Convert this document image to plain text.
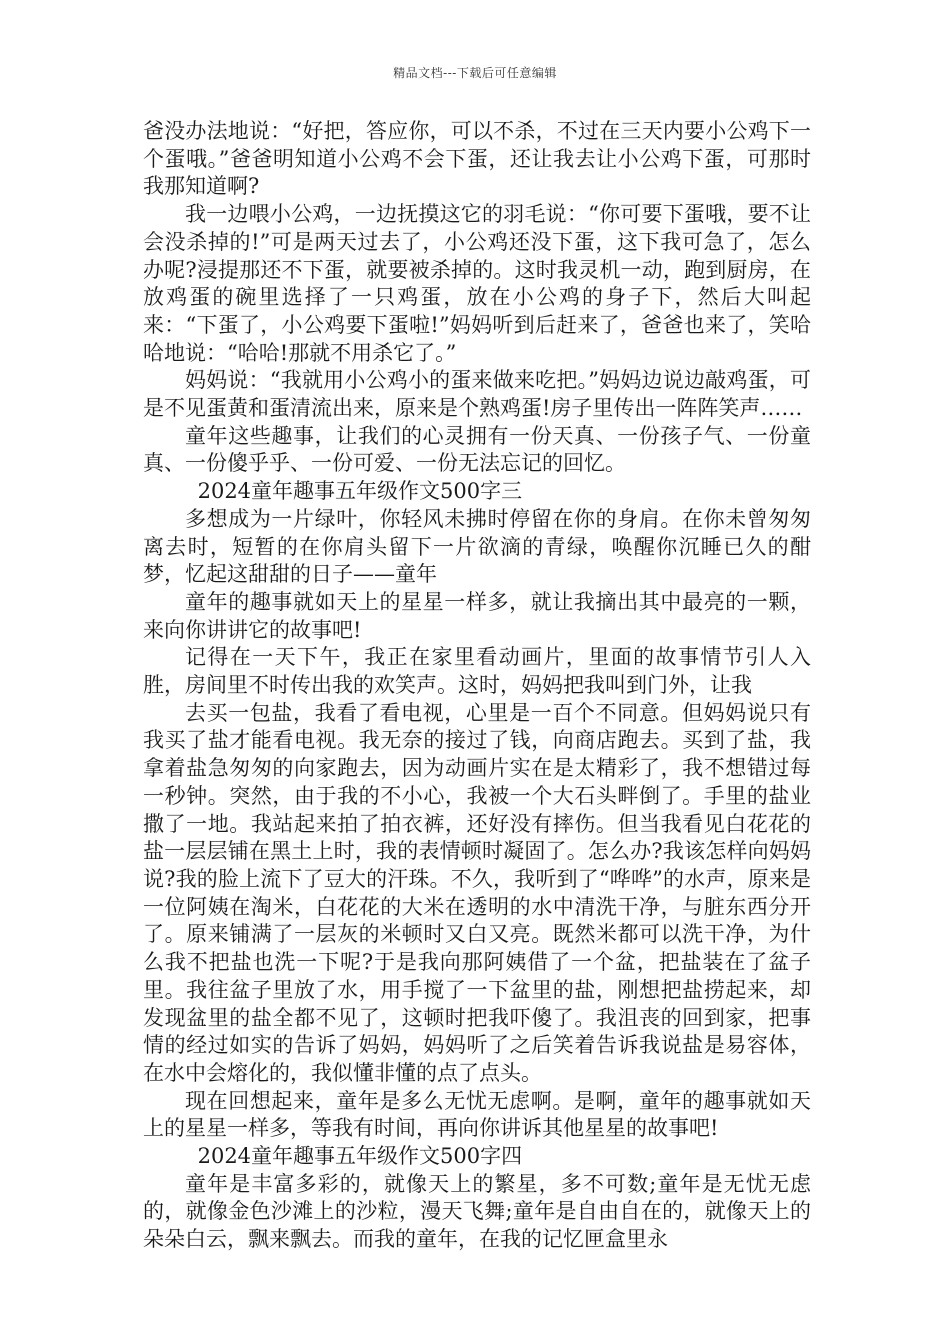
精品文档---下载后可任意编辑

爸没办法地说：“好把，答应你，可以不杀，不过在三天内要小公鸡下一个蛋哦。”爸爸明知道小公鸡不会下蛋，还让我去让小公鸡下蛋，可那时我那知道啊?

我一边喂小公鸡，一边抚摸这它的羽毛说：“你可要下蛋哦，要不让会没杀掉的!”可是两天过去了，小公鸡还没下蛋，这下我可急了，怎么办呢?浸提那还不下蛋，就要被杀掉的。这时我灵机一动，跑到厨房，在放鸡蛋的碗里选择了一只鸡蛋，放在小公鸡的身子下，然后大叫起来：“下蛋了，小公鸡要下蛋啦!”妈妈听到后赶来了，爸爸也来了，笑哈哈地说：“哈哈!那就不用杀它了。”

妈妈说：“我就用小公鸡小的蛋来做来吃把。”妈妈边说边敲鸡蛋，可是不见蛋黄和蛋清流出来，原来是个熟鸡蛋!房子里传出一阵阵笑声……

童年这些趣事，让我们的心灵拥有一份天真、一份孩子气、一份童真、一份傻乎乎、一份可爱、一份无法忘记的回忆。

2024童年趣事五年级作文500字三

多想成为一片绿叶，你轻风未拂时停留在你的身肩。在你未曾匆匆离去时，短暂的在你肩头留下一片欲滴的青绿，唤醒你沉睡已久的酣梦，忆起这甜甜的日子——童年

童年的趣事就如天上的星星一样多，就让我摘出其中最亮的一颗，来向你讲讲它的故事吧!

记得在一天下午，我正在家里看动画片，里面的故事情节引人入胜，房间里不时传出我的欢笑声。这时，妈妈把我叫到门外，让我

去买一包盐，我看了看电视，心里是一百个不同意。但妈妈说只有我买了盐才能看电视。我无奈的接过了钱，向商店跑去。买到了盐，我拿着盐急匆匆的向家跑去，因为动画片实在是太精彩了，我不想错过每一秒钟。突然，由于我的不小心，我被一个大石头畔倒了。手里的盐业撒了一地。我站起来拍了拍衣裤，还好没有摔伤。但当我看见白花花的盐一层层铺在黑土上时，我的表情顿时凝固了。怎么办?我该怎样向妈妈说?我的脸上流下了豆大的汗珠。不久，我听到了“哗哗”的水声，原来是一位阿姨在淘米，白花花的大米在透明的水中清洗干净，与脏东西分开了。原来铺满了一层灰的米顿时又白又亮。既然米都可以洗干净，为什么我不把盐也洗一下呢?于是我向那阿姨借了一个盆，把盐装在了盆子里。我往盆子里放了水，用手搅了一下盆里的盐，刚想把盐捞起来，却发现盆里的盐全都不见了，这顿时把我吓傻了。我沮丧的回到家，把事情的经过如实的告诉了妈妈，妈妈听了之后笑着告诉我说盐是易容体，在水中会熔化的，我似懂非懂的点了点头。

现在回想起来，童年是多么无忧无虑啊。是啊，童年的趣事就如天上的星星一样多，等我有时间，再向你讲诉其他星星的故事吧!

2024童年趣事五年级作文500字四

童年是丰富多彩的，就像天上的繁星，多不可数;童年是无忧无虑的，就像金色沙滩上的沙粒，漫天飞舞;童年是自由自在的，就像天上的朵朵白云，飘来飘去。而我的童年，在我的记忆匣盒里永
